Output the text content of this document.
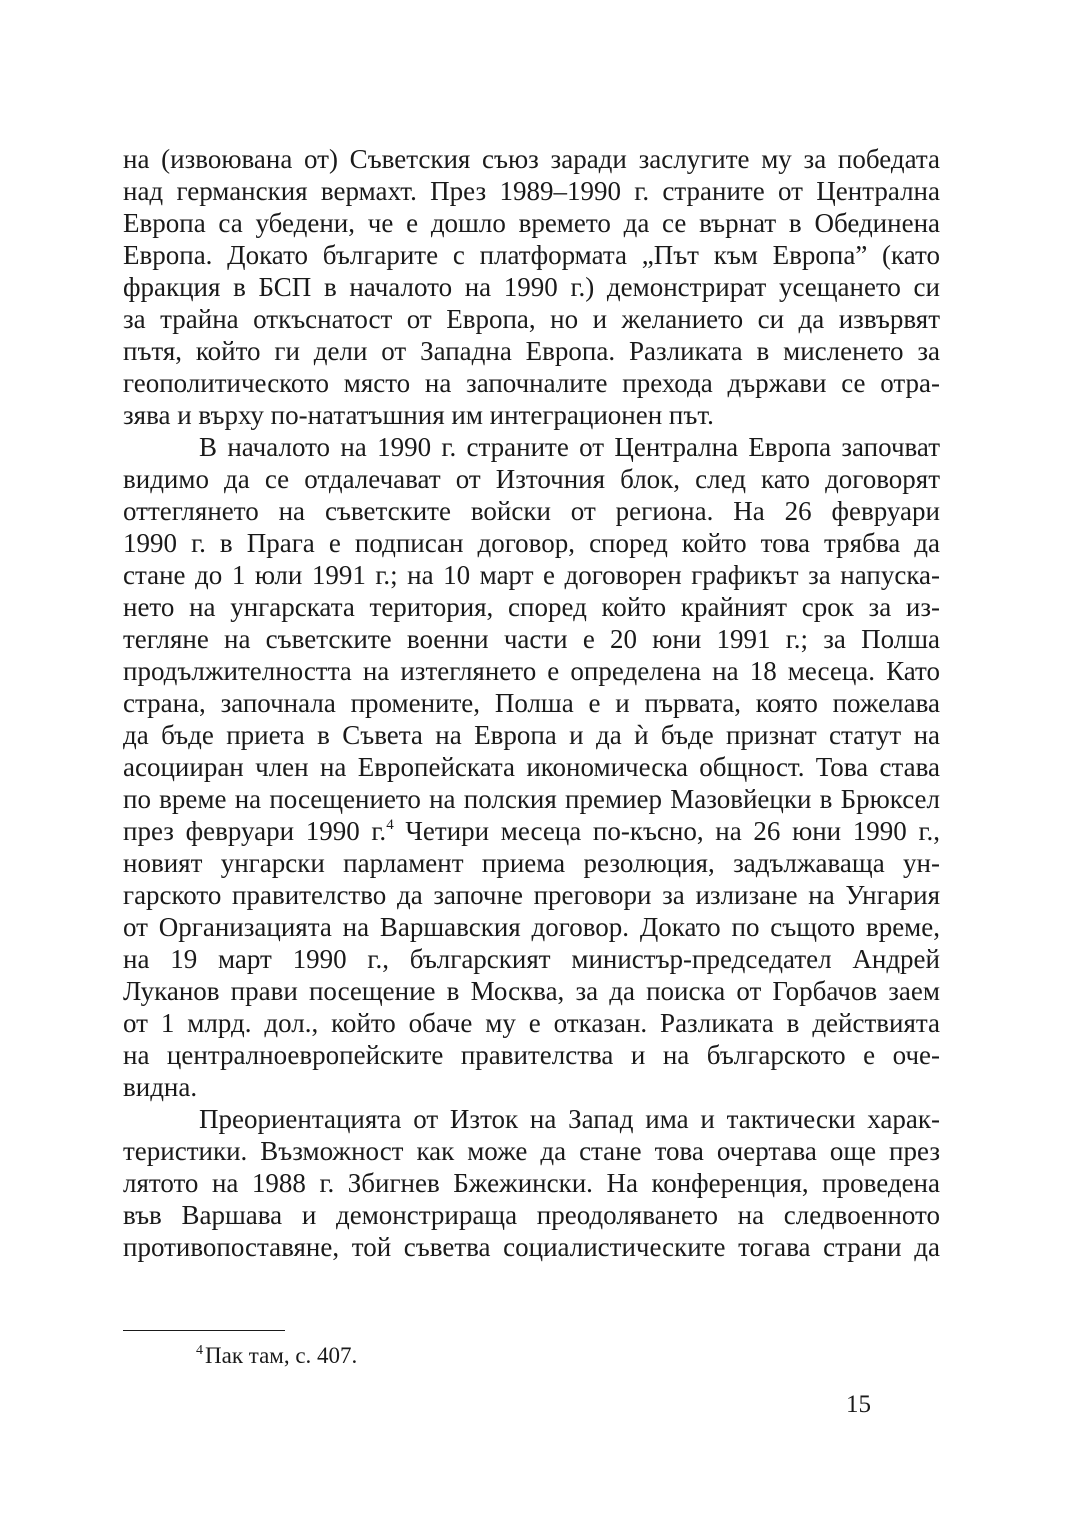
на (извоювана от) Съветския съюз заради заслугите му за победата
над германския вермахт. През 1989–1990 г. страните от Централна
Европа са убедени, че е дошло времето да се върнат в Обединена
Европа. Докато българите с платформата „Път към Европа” (като
фракция в БСП в началото на 1990 г.) демонстрират усещането си
за трайна откъснатост от Европа, но и желанието си да извървят
пътя, който ги дели от Западна Европа. Разликата в мисленето за
геополитическото място на започналите прехода държави се отра-
зява и върху по-нататъшния им интеграционен път.
В началото на 1990 г. страните от Централна Европа започват
видимо да се отдалечават от Източния блок, след като договорят
оттеглянето на съветските войски от региона. На 26 февруари
1990 г. в Прага е подписан договор, според който това трябва да
стане до 1 юли 1991 г.; на 10 март е договорен графикът за напуска-
нето на унгарската територия, според който крайният срок за из-
тегляне на съветските военни части е 20 юни 1991 г.; за Полша
продължителността на изтеглянето е определена на 18 месеца. Като
страна, започнала промените, Полша е и първата, която пожелава
да бъде приета в Съвета на Европа и да ѝ бъде признат статут на
асоцииран член на Европейската икономическа общност. Това става
по време на посещението на полския премиер Мазовйецки в Брюксел
през февруари 1990 г.$^4$ Четири месеца по-късно, на 26 юни 1990 г.,
новият унгарски парламент приема резолюция, задължаваща ун-
гарското правителство да започне преговори за излизане на Унгария
от Организацията на Варшавския договор. Докато по същото време,
на 19 март 1990 г., българският министър-председател Андрей
Луканов прави посещение в Москва, за да поиска от Горбачов заем
от 1 млрд. дол., който обаче му е отказан. Разликата в действията
на централноевропейските правителства и на българското е оче-
видна.
Преориентацията от Изток на Запад има и тактически харак-
теристики. Възможност как може да стане това очертава още през
лятото на 1988 г. Збигнев Бжежински. На конференция, проведена
във Варшава и демонстрираща преодоляването на следвоенното
противопоставяне, той съветва социалистическите тогава страни да
$^4$Пак там, с. 407.
15
